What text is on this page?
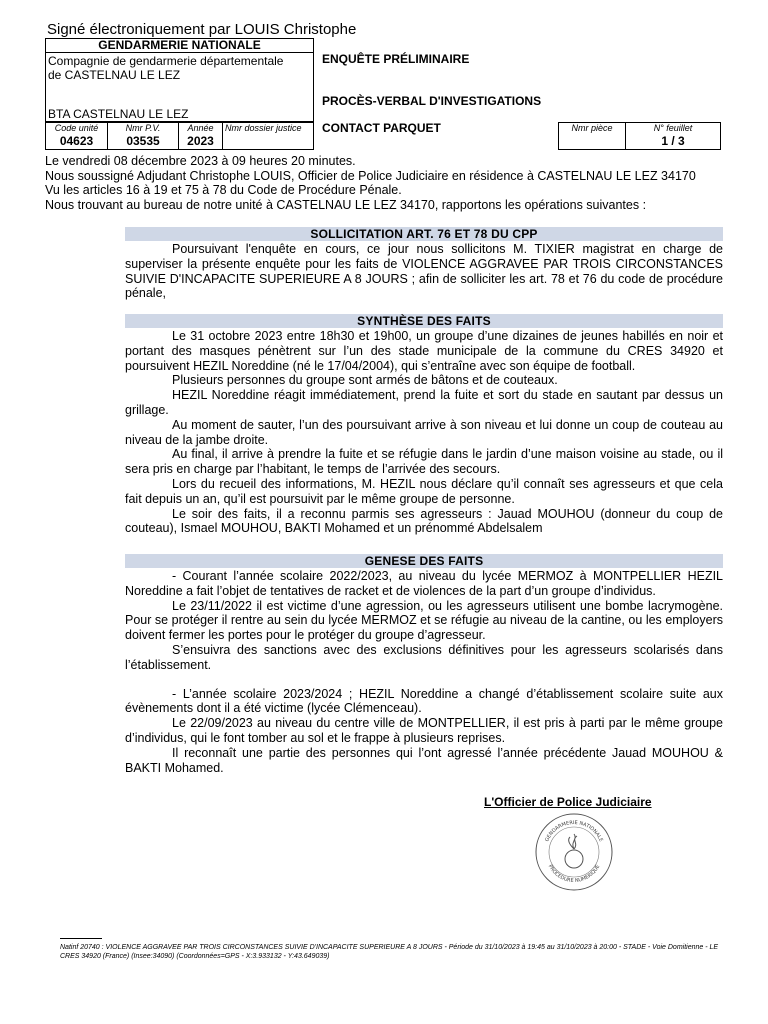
Signé électroniquement par LOUIS Christophe
GENDARMERIE NATIONALE
Compagnie de gendarmerie départementale
de CASTELNAU LE LEZ
BTA CASTELNAU LE LEZ
Code unité
04623
Nmr P.V.
03535
Année
2023
Nmr dossier justice
ENQUÊTE PRÉLIMINAIRE
PROCÈS-VERBAL D'INVESTIGATIONS
CONTACT PARQUET	Nmr pièce	N° feuillet
1 / 3
Le vendredi 08 décembre 2023 à 09 heures 20 minutes.
Nous soussigné Adjudant Christophe LOUIS, Officier de Police Judiciaire en résidence à CASTELNAU LE LEZ 34170
Vu les articles 16 à 19 et 75 à 78 du Code de Procédure Pénale.
Nous trouvant au bureau de notre unité à CASTELNAU LE LEZ 34170, rapportons les opérations suivantes :
SOLLICITATION ART. 76 ET 78 DU CPP

Poursuivant l'enquête en cours, ce jour nous sollicitons M. TIXIER magistrat en charge de superviser la présente enquête pour les faits de VIOLENCE AGGRAVEE PAR TROIS CIRCONSTANCES SUIVIE D'INCAPACITE SUPERIEURE A 8 JOURS ; afin de solliciter les art. 78 et 76 du code de procédure pénale,

SYNTHÈSE DES FAITS

Le 31 octobre 2023 entre 18h30 et 19h00, un groupe d’une dizaines de jeunes habillés en noir et portant des masques pénètrent sur l’un des stade municipale de la commune du CRES 34920 et poursuivent HEZIL Noreddine (né le 17/04/2004), qui s’entraîne avec son équipe de football.

Plusieurs personnes du groupe sont armés de bâtons et de couteaux.

HEZIL Noreddine réagit immédiatement, prend la fuite et sort du stade en sautant par dessus un grillage.

Au moment de sauter, l’un des poursuivant arrive à son niveau et lui donne un coup de couteau au niveau de la jambe droite.

Au final, il arrive à prendre la fuite et se réfugie dans le jardin d’une maison voisine au stade, ou il sera pris en charge par l’habitant, le temps de l’arrivée des secours.

Lors du recueil des informations, M. HEZIL nous déclare qu’il connaît ses agresseurs et que cela fait depuis un an, qu’il est poursuivit par le même groupe de personne.

Le soir des faits, il a reconnu parmis ses agresseurs : Jauad MOUHOU (donneur du coup de couteau), Ismael MOUHOU, BAKTI Mohamed et un prénommé Abdelsalem

GENESE DES FAITS

- Courant l’année scolaire 2022/2023, au niveau du lycée MERMOZ à MONTPELLIER HEZIL Noreddine a fait l’objet de tentatives de racket et de violences de la part d’un groupe d’individus.

Le 23/11/2022 il est victime d’une agression, ou les agresseurs utilisent une bombe lacrymogène. Pour se protéger il rentre au sein du lycée MERMOZ et se réfugie au niveau de la cantine, ou les employers doivent fermer les portes pour le protéger du groupe d’agresseur.

S’ensuivra des sanctions avec des exclusions définitives pour les agresseurs scolarisés dans l’établissement.

- L’année scolaire 2023/2024 ; HEZIL Noreddine a changé d’établissement scolaire suite aux évènements dont il a été victime (lycée Clémenceau).

Le 22/09/2023 au niveau du centre ville de MONTPELLIER, il est pris à parti par le même groupe d’individus, qui le font tomber au sol et le frappe à plusieurs reprises.

Il reconnaît une partie des personnes qui l’ont agressé l’année précédente Jauad MOUHOU & BAKTI Mohamed.

L'Officier de Police Judiciaire
GENDARMERIE NATIONALE
PROCEDURE NUMERIQUE
Natinf 20740 : VIOLENCE AGGRAVEE PAR TROIS CIRCONSTANCES SUIVIE D'INCAPACITE SUPERIEURE A 8 JOURS - Période du 31/10/2023 à 19:45 au 31/10/2023 à 20:00 - STADE - Voie Domitienne - LE CRES 34920 (France) (Insee:34090) (Coordonnées=GPS - X:3.933132 - Y:43.649039)
